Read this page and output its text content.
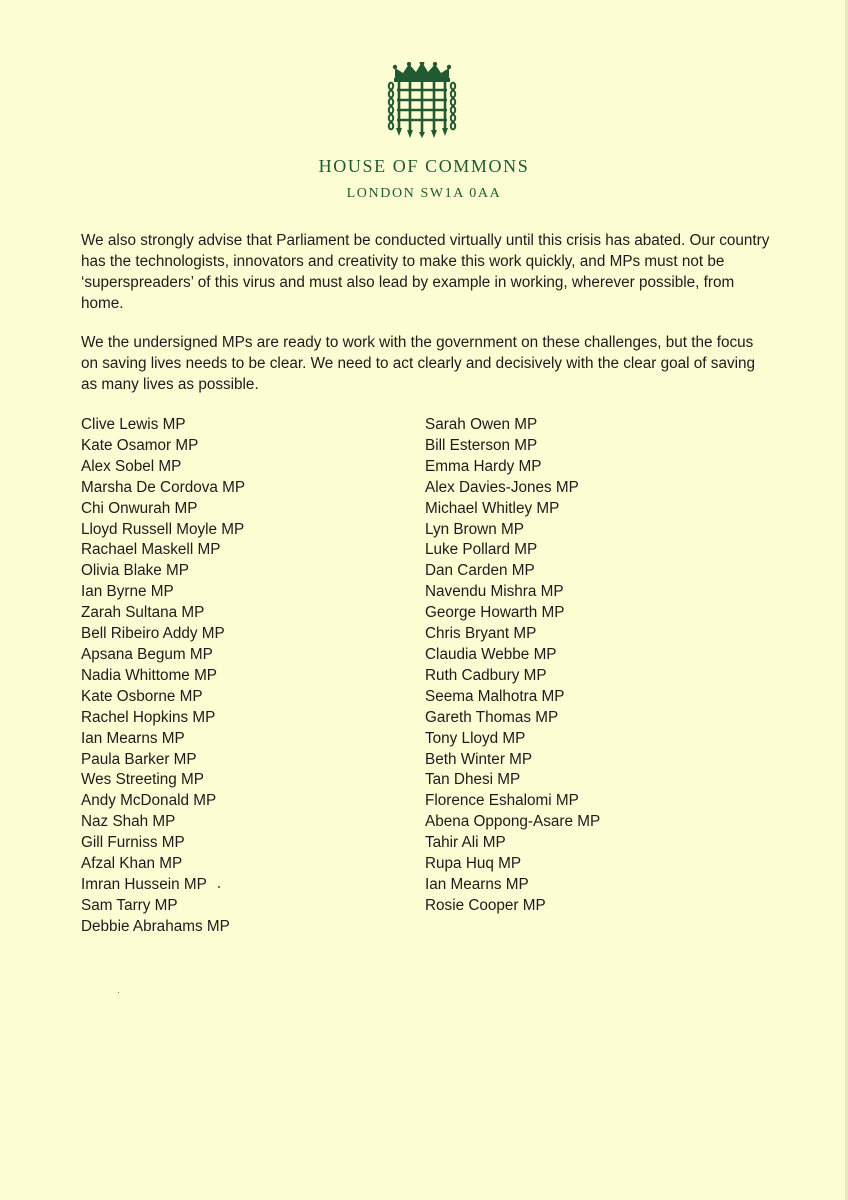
HOUSE OF COMMONS
LONDON SW1A 0AA

We also strongly advise that Parliament be conducted virtually until this crisis has abated. Our country has the technologists, innovators and creativity to make this work quickly, and MPs must not be ‘superspreaders’ of this virus and must also lead by example in working, wherever possible, from home.

We the undersigned MPs are ready to work with the government on these challenges, but the focus on saving lives needs to be clear. We need to act clearly and decisively with the clear goal of saving as many lives as possible.

Clive Lewis MP
Kate Osamor MP
Alex Sobel MP
Marsha De Cordova MP
Chi Onwurah MP
Lloyd Russell Moyle MP
Rachael Maskell MP
Olivia Blake MP
Ian Byrne MP
Zarah Sultana MP
Bell Ribeiro Addy MP
Apsana Begum MP
Nadia Whittome MP
Kate Osborne MP
Rachel Hopkins MP
Ian Mearns MP
Paula Barker MP
Wes Streeting MP
Andy McDonald MP
Naz Shah MP
Gill Furniss MP
Afzal Khan MP
Imran Hussein MP
Sam Tarry MP
Debbie Abrahams MP
Sarah Owen MP
Bill Esterson MP
Emma Hardy MP
Alex Davies-Jones MP
Michael Whitley MP
Lyn Brown MP
Luke Pollard MP
Dan Carden MP
Navendu Mishra MP
George Howarth MP
Chris Bryant MP
Claudia Webbe MP
Ruth Cadbury MP
Seema Malhotra MP
Gareth Thomas MP
Tony Lloyd MP
Beth Winter MP
Tan Dhesi MP
Florence Eshalomi MP
Abena Oppong-Asare MP
Tahir Ali MP
Rupa Huq MP
Ian Mearns MP
Rosie Cooper MP
